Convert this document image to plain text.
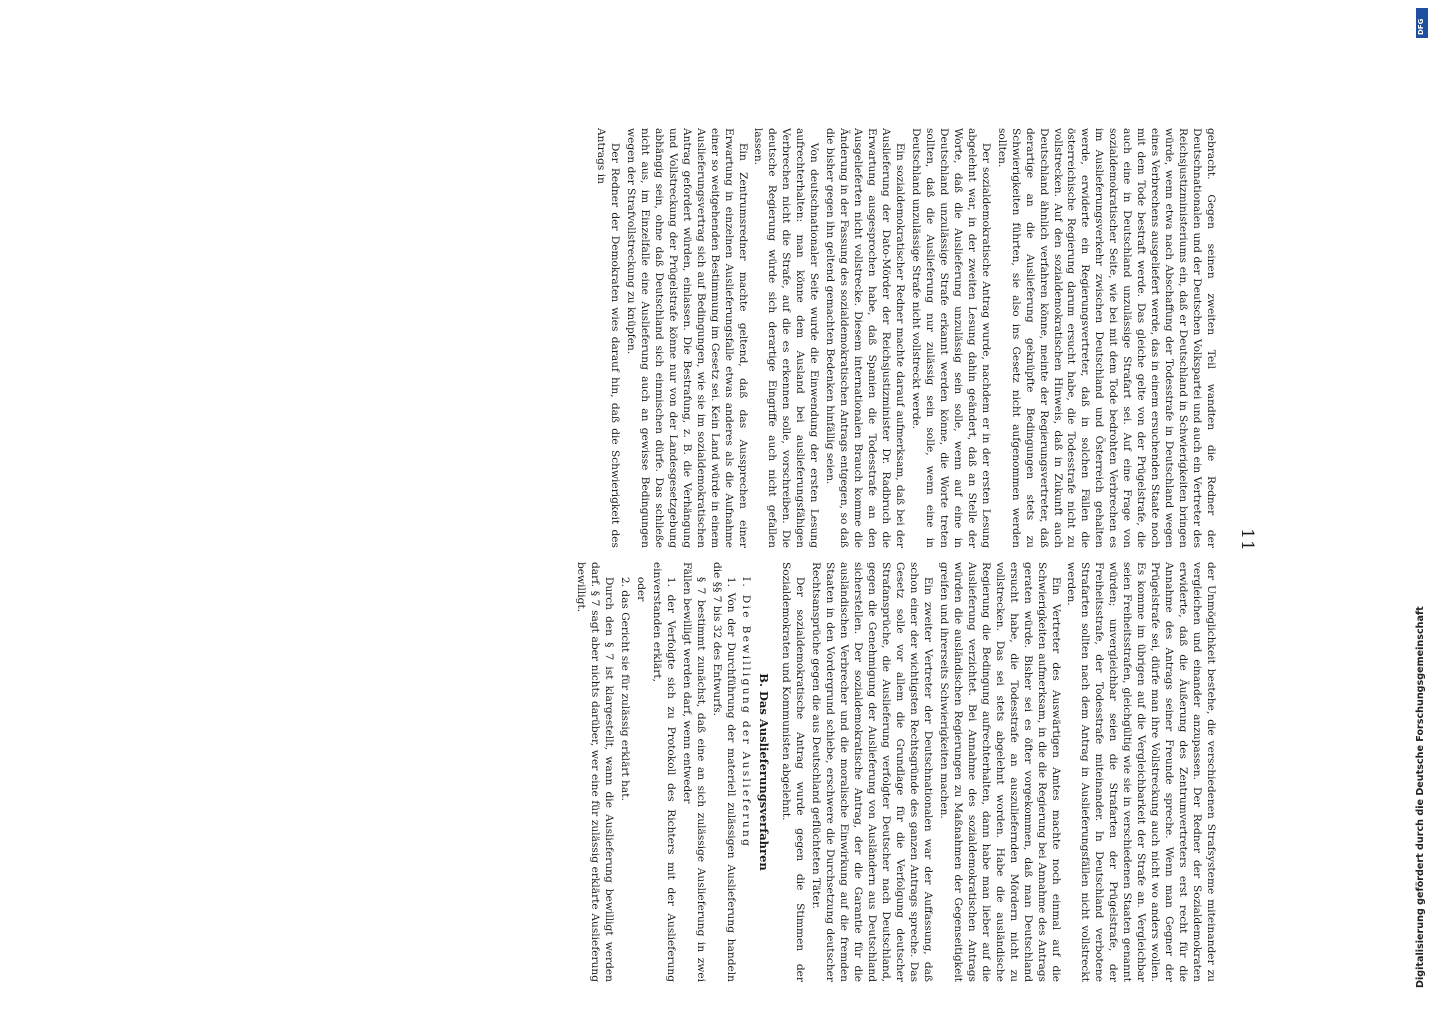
11

gebracht. Gegen seinen zweiten Teil wandten die Redner der Deutschnationalen und der Deutschen Volkspartei und auch ein Vertreter des Reichsjustizministeriums ein, daß er Deutschland in Schwierigkeiten bringen würde, wenn etwa nach Abschaffung der Todesstrafe in Deutschland wegen eines Verbrechens ausgeliefert werde, das in einem ersuchenden Staate noch mit dem Tode bestraft werde. Das gleiche gelte von der Prügelstrafe, die auch eine in Deutschland unzulässige Strafart sei. Auf eine Frage von sozialdemokratischer Seite, wie bei mit dem Tode bedrohten Verbrechen es im Auslieferungsverkehr zwischen Deutschland und Österreich gehalten werde, erwiderte ein Regierungsvertreter, daß in solchen Fällen die österreichische Regierung darum ersucht habe, die Todesstrafe nicht zu vollstrecken. Auf den sozialdemokratischen Hinweis, daß in Zukunft auch Deutschland ähnlich verfahren könne, meinte der Regierungsvertreter, daß derartige an die Auslieferung geknüpfte Bedingungen stets zu Schwierigkeiten führten, sie also ins Gesetz nicht aufgenommen werden sollten.

Der sozialdemokratische Antrag wurde, nachdem er in der ersten Lesung abgelehnt war, in der zweiten Lesung dahin geändert, daß an Stelle der Worte, daß die Auslieferung unzulässig sein solle, wenn auf eine in Deutschland unzulässige Strafe erkannt werden könne, die Worte treten sollten, daß die Auslieferung nur zulässig sein solle, wenn eine in Deutschland unzulässige Strafe nicht vollstreckt werde.

Ein sozialdemokratischer Redner machte darauf aufmerksam, daß bei der Auslieferung der Dato-Mörder der Reichsjustizminister Dr. Radbruch die Erwartung ausgesprochen habe, daß Spanien die Todesstrafe an den Ausgelieferten nicht vollstrecke. Diesem internationalen Brauch komme die Änderung in der Fassung des sozialdemokratischen Antrags entgegen, so daß die bisher gegen ihn geltend gemachten Bedenken hinfällig seien.

Von deutschnationaler Seite wurde die Einwendung der ersten Lesung aufrechterhalten: man könne dem Ausland bei auslieferungsfähigen Verbrechen nicht die Strafe, auf die es erkennen solle, vorschreiben. Die deutsche Regierung würde sich derartige Eingriffe auch nicht gefallen lassen.

Ein Zentrumsredner machte geltend, daß das Aussprechen einer Erwartung in einzelnen Auslieferungsfalle etwas anderes als die Aufnahme einer so weitgehenden Bestimmung im Gesetz sei. Kein Land würde in einem Auslieferungsvertrag sich auf Bedingungen, wie sie im sozialdemokratischen Antrag gefordert würden, einlassen. Die Bestrafung, z. B. die Verhängung und Vollstreckung der Prügelstrafe könne nur von der Landesgesetzgebung abhängig sein, ohne daß Deutschland sich einmischen dürfe. Das schließe nicht aus, im Einzelfalle eine Auslieferung auch an gewisse Bedingungen wegen der Strafvollstreckung zu knüpfen.

Der Redner der Demokraten wies darauf hin, daß die Schwierigkeit des Antrags in

der Unmöglichkeit bestehe, die verschiedenen Strafsysteme miteinander zu vergleichen und einander anzupassen. Der Redner der Sozialdemokraten erwiderte, daß die Äußerung des Zentrumvertreters erst recht für die Annahme des Antrags seiner Freunde spreche. Wenn man Gegner der Prügelstrafe sei, dürfe man ihre Vollstreckung auch nicht wo anders wollen. Es komme im übrigen auf die Vergleichbarkeit der Strafe an. Vergleichbar seien Freiheitsstrafen, gleichgültig wie sie in verschiedenen Staaten genannt würden; unvergleichbar seien die Strafarten der Prügelstrafe, der Freiheitsstrafe, der Todesstrafe miteinander. In Deutschland verbotene Strafarten sollten nach dem Antrag in Auslieferungsfällen nicht vollstreckt werden.

Ein Vertreter des Auswärtigen Amtes machte noch einmal auf die Schwierigkeiten aufmerksam, in die die Regierung bei Annahme des Antrags geraten würde. Bisher sei es öfter vorgekommen, daß man Deutschland ersucht habe, die Todesstrafe an auszuliefernden Mördern nicht zu vollstrecken. Das sei stets abgelehnt worden. Habe die ausländische Regierung die Bedingung aufrechterhalten, dann habe man lieber auf die Auslieferung verzichtet. Bei Annahme des sozialdemokratischen Antrags würden die ausländischen Regierungen zu Maßnahmen der Gegenseitigkeit greifen und ihrerseits Schwierigkeiten machen.

Ein zweiter Vertreter der Deutschnationalen war der Auffassung, daß schon einer der wichtigsten Rechtsgründe des ganzen Antrags spreche. Das Gesetz solle vor allem die Grundlage für die Verfolgung deutscher Strafansprüche, die Auslieferung verfolgter Deutscher nach Deutschland, gegen die Genehmigung der Auslieferung von Ausländern aus Deutschland sicherstellen. Der sozialdemokratische Antrag, der die Garantie für die ausländischen Verbrecher und die moralische Einwirkung auf die fremden Staaten in den Vordergrund schiebe, erschwere die Durchsetzung deutscher Rechtsansprüche gegen die aus Deutschland geflüchteten Täter.

Der sozialdemokratische Antrag wurde gegen die Stimmen der Sozialdemokraten und Kommunisten abgelehnt.

B. Das Auslieferungsverfahren

I. Die Bewilligung der Auslieferung

1. Von der Durchführung der materiell zulässigen Auslieferung handeln die §§ 7 bis 32 des Entwurfs.

§ 7 bestimmt zunächst, daß eine an sich zulässige Auslieferung in zwei Fällen bewilligt werden darf, wenn entweder

1. der Verfolgte sich zu Protokoll des Richters mit der Auslieferung einverstanden erklärt,

oder

2. das Gericht sie für zulässig erklärt hat.

Durch den § 7 ist klargestellt, wann die Auslieferung bewilligt werden darf. § 7 sagt aber nichts darüber, wer eine für zulässig erklärte Auslieferung bewilligt.

DFG
Digitalisierung gefördert durch die Deutsche Forschungsgemeinschaft
